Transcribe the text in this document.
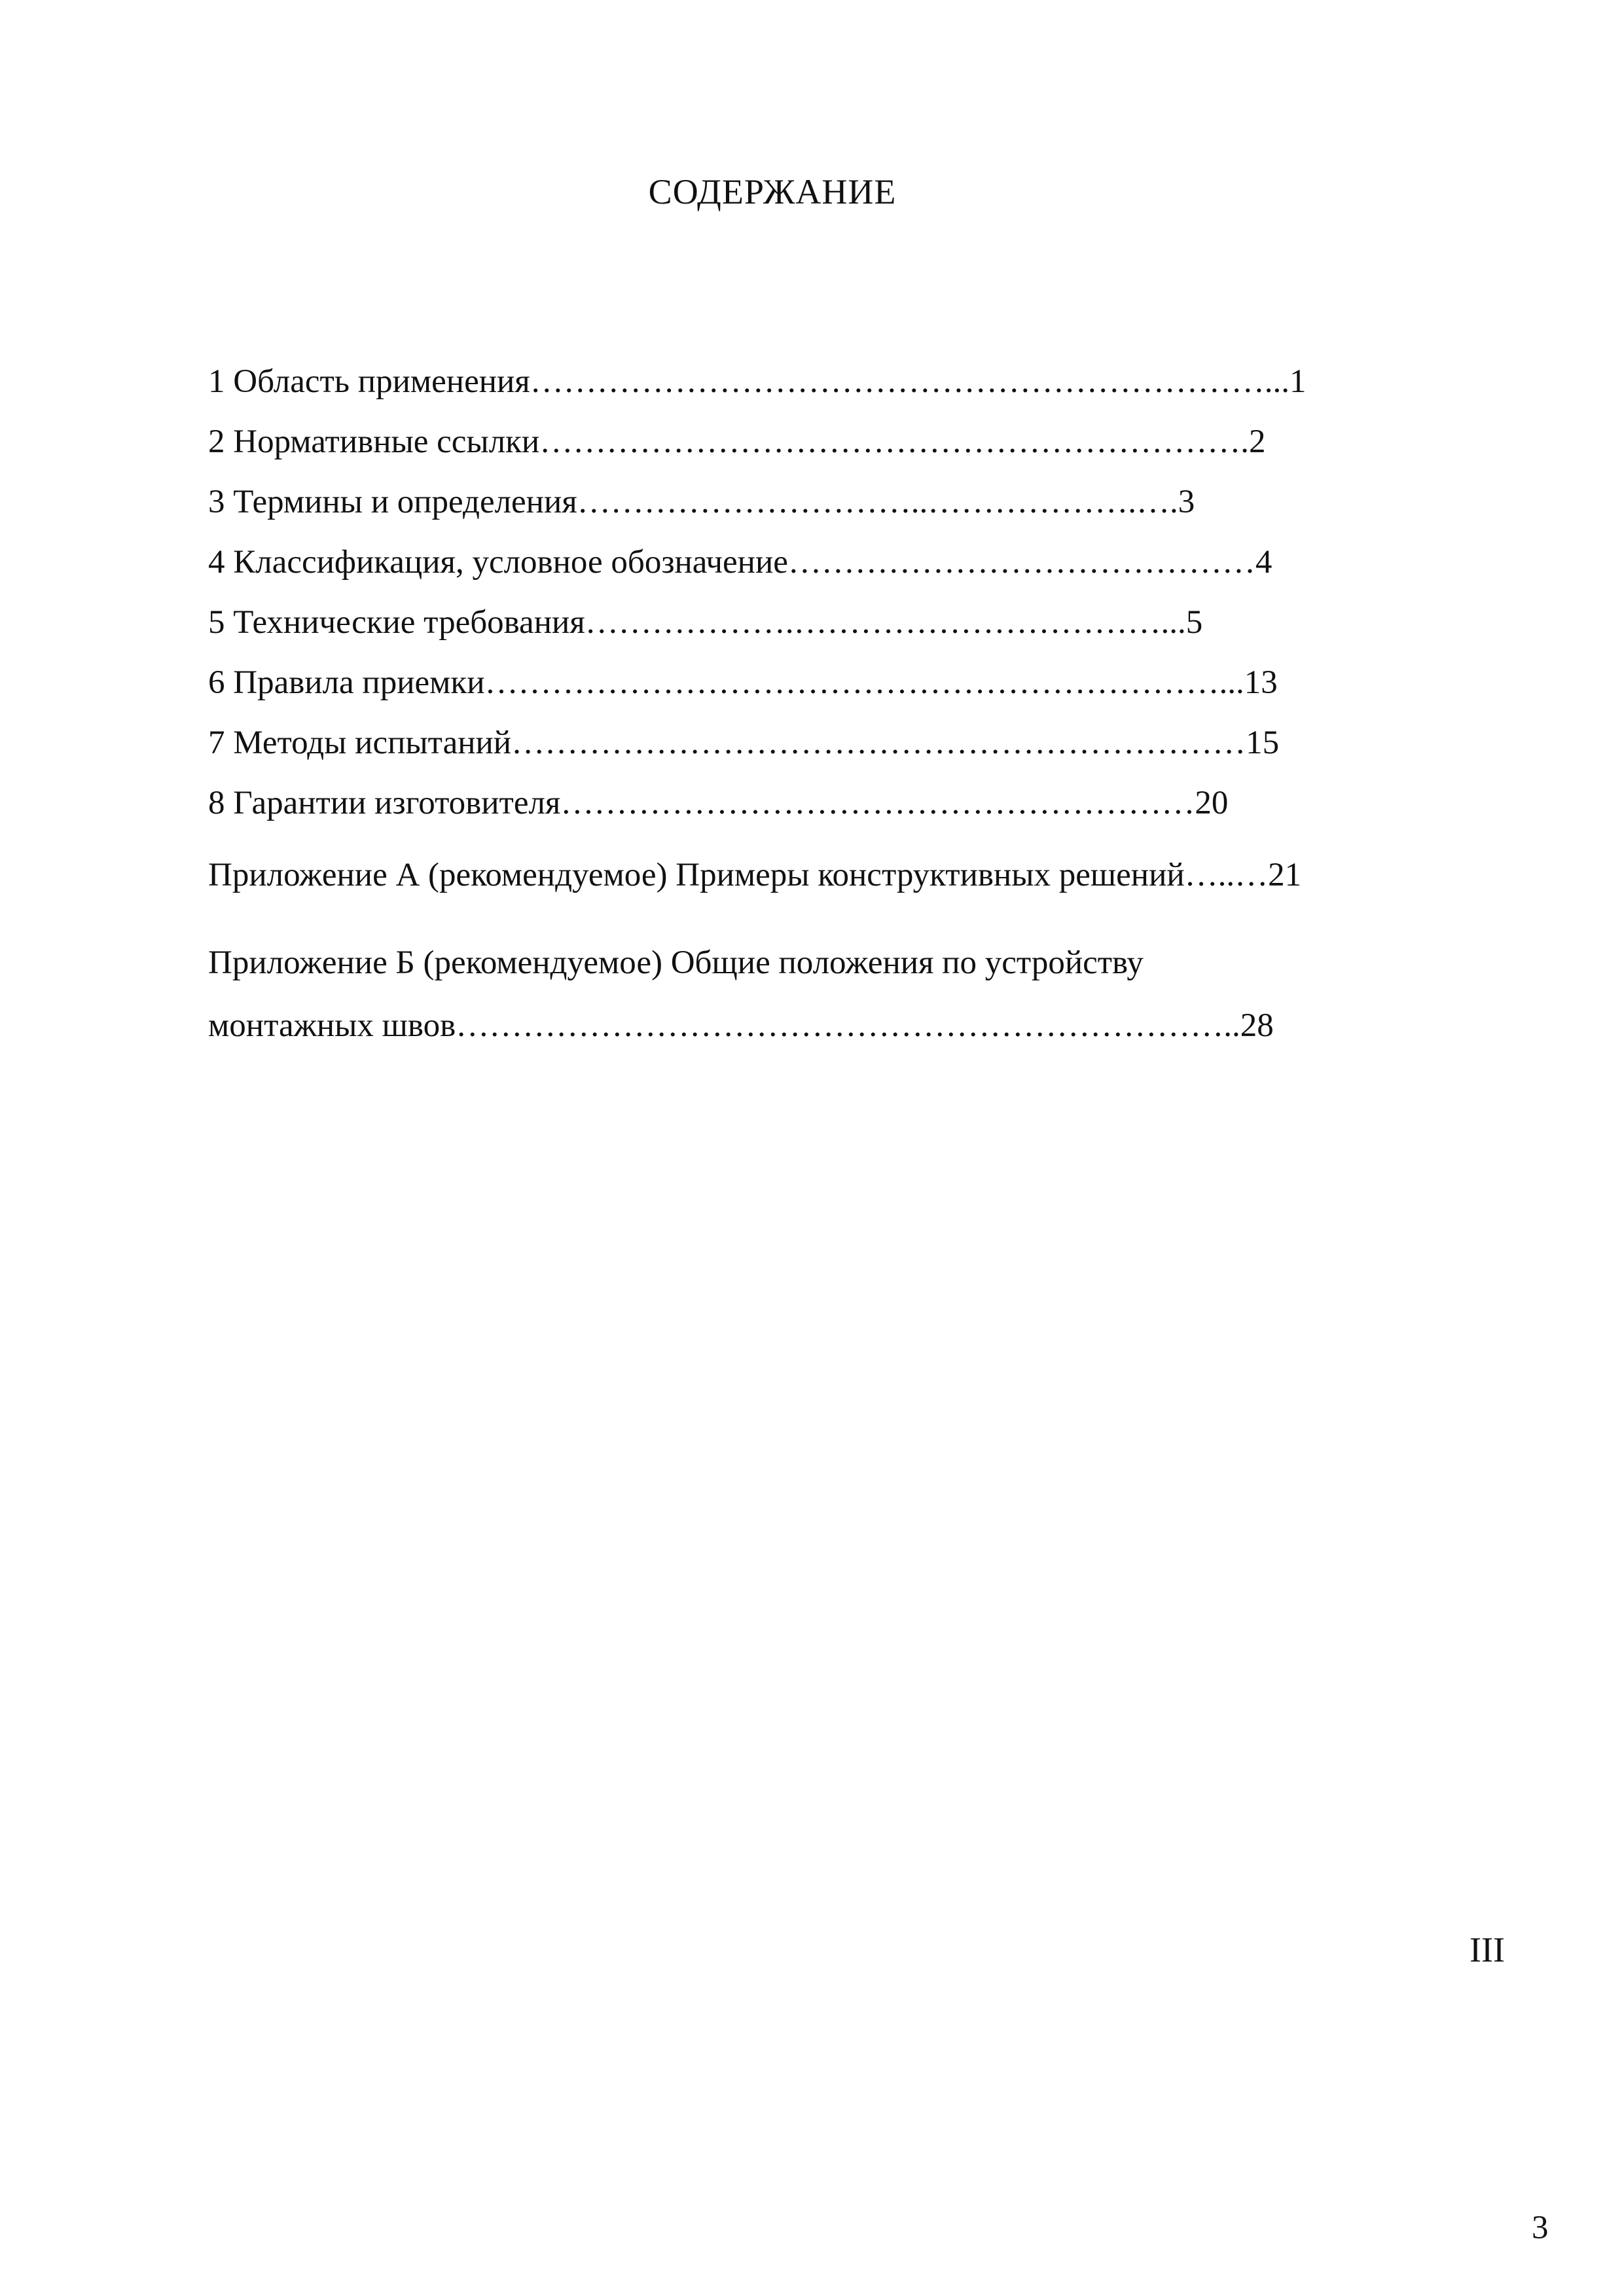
СОДЕРЖАНИЕ
1 Область применения…………………………………………………………...1
2 Нормативные ссылки……………………………………………………….2
3 Термины и определения…………………………..……………….….3
4 Классификация, условное обозначение……………………………………4
5 Технические требования……………….……………………………...5
6 Правила приемки…………………………………………………………...13
7 Методы испытаний…………………………………………………………15
8 Гарантии изготовителя…………………………………………………20
Приложение А (рекомендуемое) Примеры конструктивных решений…..…21
Приложение Б (рекомендуемое) Общие положения по устройству
монтажных швов……………………………………………………………..28
III
3
